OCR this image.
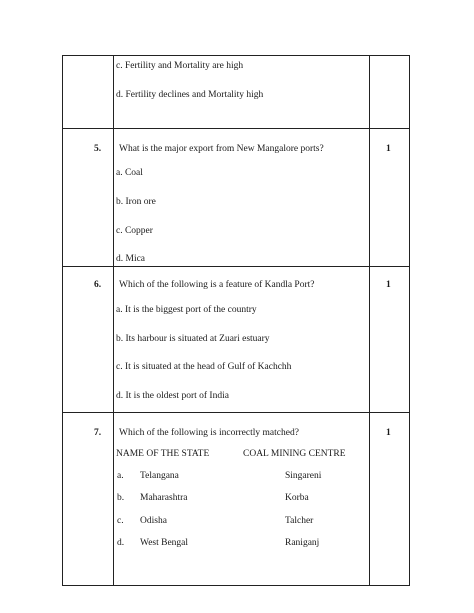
c. Fertility and Mortality are high
d. Fertility declines and Mortality high
5. What is the major export from New Mangalore ports?	1
a. Coal
b. Iron ore
c. Copper
d. Mica
6. Which of the following is a feature of Kandla Port?	1
a. It is the biggest port of the country
b. Its harbour is situated at Zuari estuary
c. It is situated at the head of Gulf of Kachchh
d. It is the oldest port of India
7. Which of the following is incorrectly matched?	1
NAME OF THE STATE	COAL MINING CENTRE
a. Telangana	Singareni
b. Maharashtra	Korba
c. Odisha	Talcher
d. West Bengal	Raniganj
